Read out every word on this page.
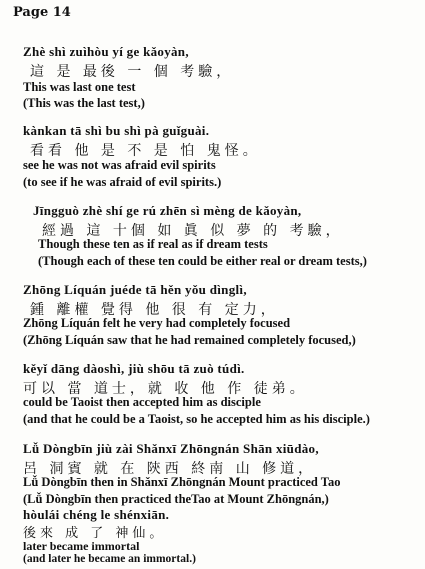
Page 14
Zhè shì zuìhòu yí ge kǎoyàn,
這 是 最後 一 個 考驗，
This was last one test
(This was the last test,)
kànkan tā shì bu shì pà guǐguài.
看看 他 是 不 是 怕 鬼怪。
see he was not was afraid evil spirits
(to see if he was afraid of evil spirits.)
Jīngguò zhè shí ge rú zhēn sì mèng de kǎoyàn,
經過 這 十個 如 眞 似 夢 的 考驗，
Though these ten as if real as if dream tests
(Though each of these ten could be either real or dream tests,)
Zhōng Líquán juéde tā hěn yǒu dìnglì,
鍾 離權 覺得 他 很 有 定力，
Zhōng Líquán felt he very had completely focused
(Zhōng Líquán saw that he had remained completely focused,)
kěyǐ dāng dàoshì, jiù shōu tā zuò túdì.
可以 當 道士，就 收 他 作 徒弟。
could be Taoist then accepted him as disciple
(and that he could be a Taoist, so he accepted him as his disciple.)
Lǚ Dòngbīn jiù zài Shǎnxī Zhōngnán Shān xiūdào,
呂 洞賓 就 在 陝西 終南 山 修道，
Lǚ Dòngbīn then in Shǎnxī Zhōngnán Mount practiced Tao
(Lǚ Dòngbīn then practiced theTao at Mount Zhōngnán,)
hòulái chéng le shénxiān.
後來 成 了 神仙。
later became immortal
(and later he became an immortal.)
